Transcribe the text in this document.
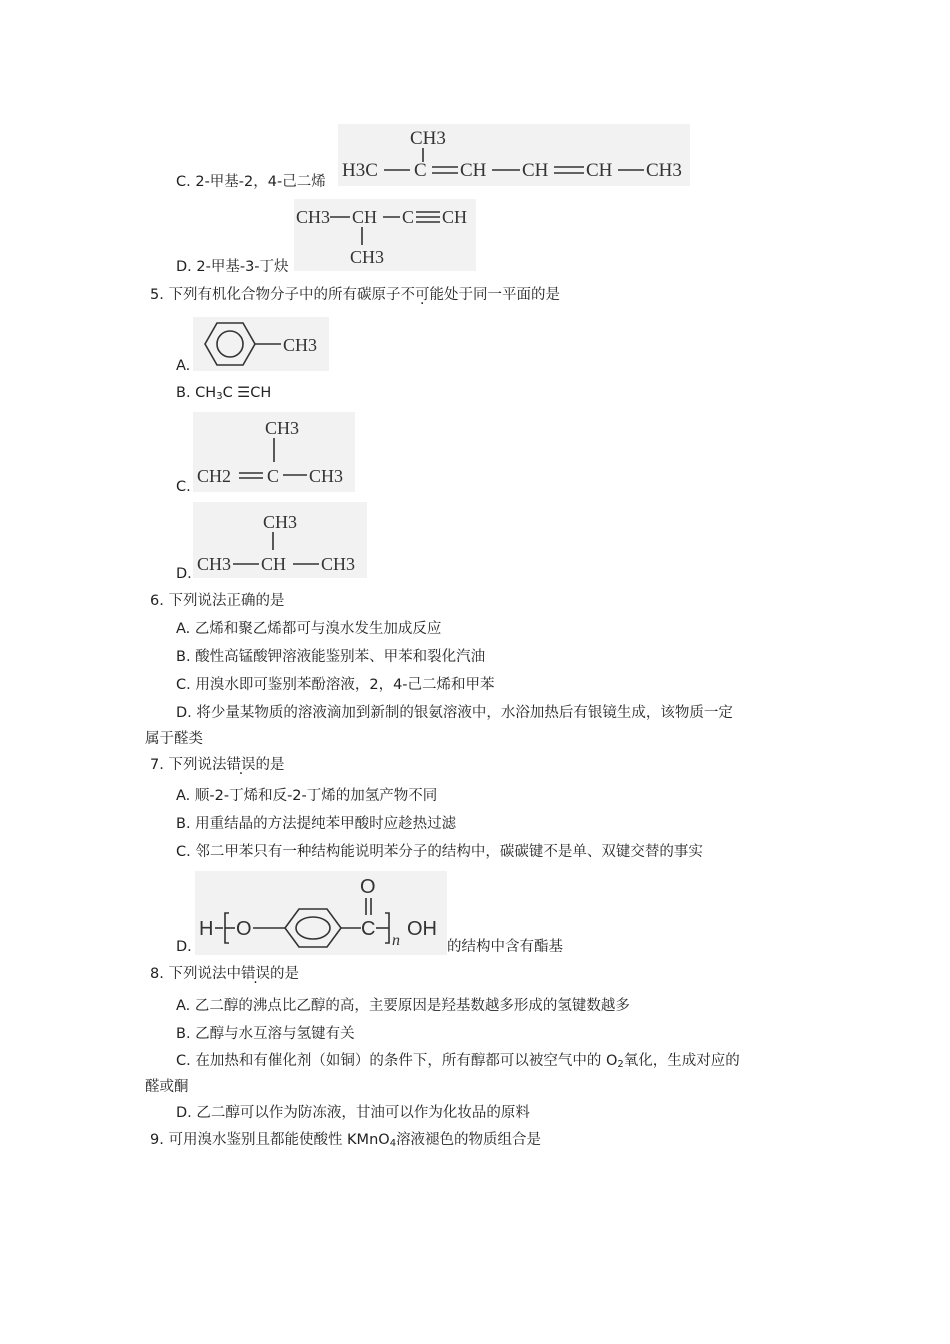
C. 2-甲基-2，4-己二烯
CH3
H3C C CH CH CH CH3
D. 2-甲基-3-丁炔
CH3 CH C CH
CH3
5. 下列有机化合物分子中的所有碳原子不可能处于同一平面的是
A.
CH3
B. $CH_3C$ ☰CH
C.
CH3
CH2 C CH3
D.
CH3
CH3 CH CH3
6. 下列说法正确的是
A. 乙烯和聚乙烯都可与溴水发生加成反应
B. 酸性高锰酸钾溶液能鉴别苯、甲苯和裂化汽油
C. 用溴水即可鉴别苯酚溶液，2，4-己二烯和甲苯
D. 将少量某物质的溶液滴加到新制的银氨溶液中，水浴加热后有银镜生成，该物质一定
属于醛类
7. 下列说法错误的是
A. 顺-2-丁烯和反-2-丁烯的加氢产物不同
B. 用重结晶的方法提纯苯甲酸时应趁热过滤
C. 邻二甲苯只有一种结构能说明苯分子的结构中，碳碳键不是单、双键交替的事实
D.
H O	C
O
n
OH
的结构中含有酯基
8. 下列说法中错误的是
A. 乙二醇的沸点比乙醇的高，主要原因是羟基数越多形成的氢键数越多
B. 乙醇与水互溶与氢键有关
C. 在加热和有催化剂（如铜）的条件下，所有醇都可以被空气中的 $O_2$氧化，生成对应的
醛或酮
D. 乙二醇可以作为防冻液，甘油可以作为化妆品的原料
9. 可用溴水鉴别且都能使酸性 KMnO$_4$溶液褪色的物质组合是
